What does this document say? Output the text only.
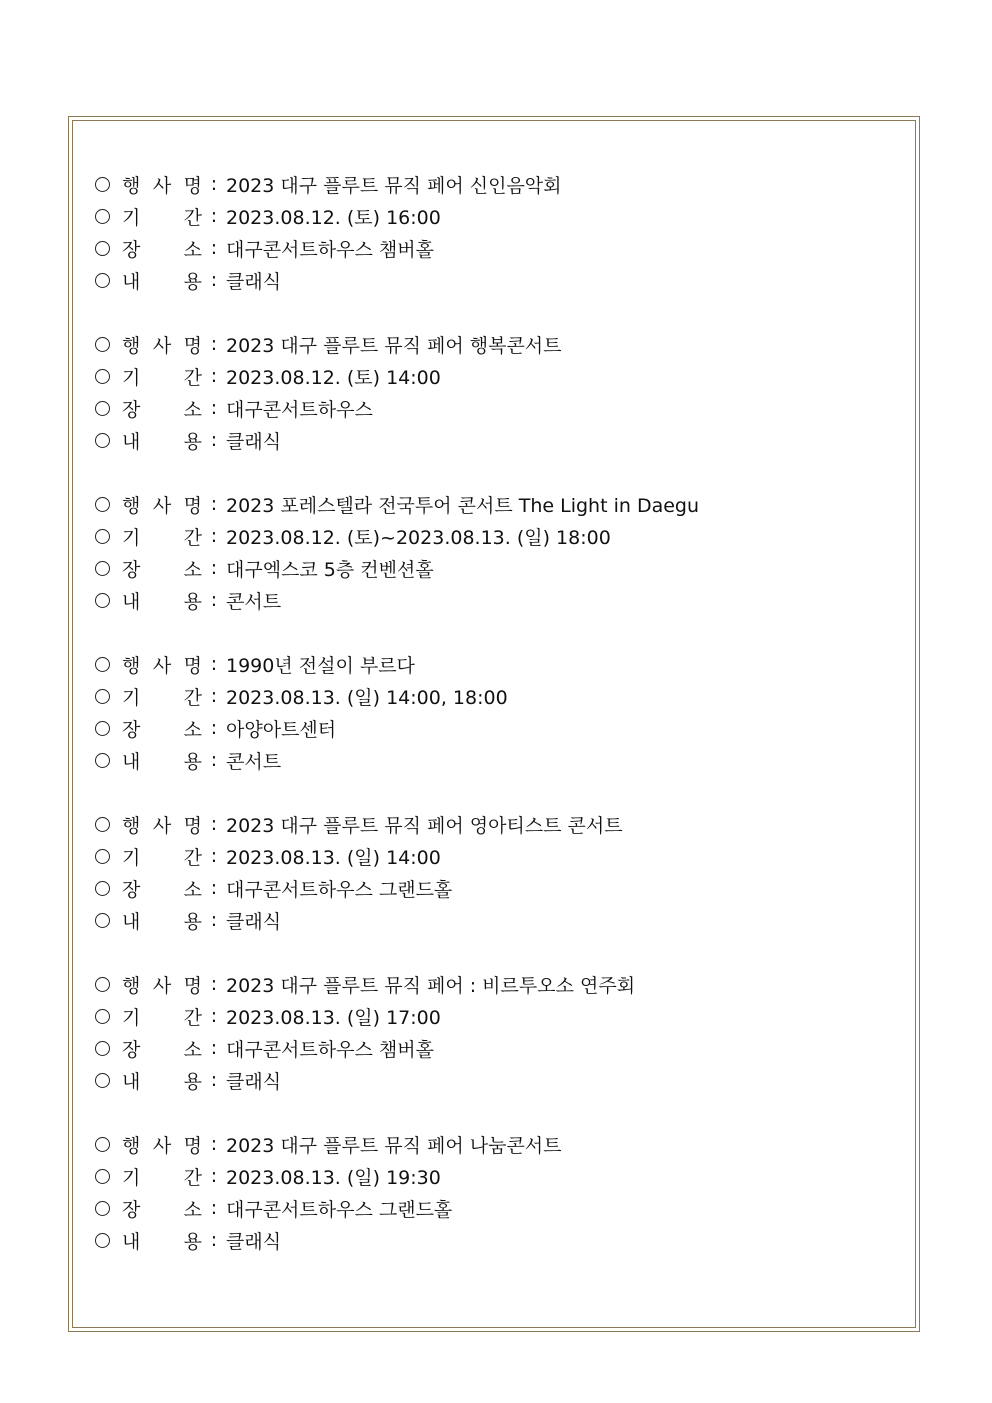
행 사 명 : 2023 대구 플루트 뮤직 페어 신인음악회
기 간 : 2023.08.12. (토) 16:00
장 소 : 대구콘서트하우스 챔버홀
내 용 : 클래식
행 사 명 : 2023 대구 플루트 뮤직 페어 행복콘서트
기 간 : 2023.08.12. (토) 14:00
장 소 : 대구콘서트하우스
내 용 : 클래식
행 사 명 : 2023 포레스텔라 전국투어 콘서트 The Light in Daegu
기 간 : 2023.08.12. (토)~2023.08.13. (일) 18:00
장 소 : 대구엑스코 5층 컨벤션홀
내 용 : 콘서트
행 사 명 : 1990년 전설이 부르다
기 간 : 2023.08.13. (일) 14:00, 18:00
장 소 : 아양아트센터
내 용 : 콘서트
행 사 명 : 2023 대구 플루트 뮤직 페어 영아티스트 콘서트
기 간 : 2023.08.13. (일) 14:00
장 소 : 대구콘서트하우스 그랜드홀
내 용 : 클래식
행 사 명 : 2023 대구 플루트 뮤직 페어 : 비르투오소 연주회
기 간 : 2023.08.13. (일) 17:00
장 소 : 대구콘서트하우스 챔버홀
내 용 : 클래식
행 사 명 : 2023 대구 플루트 뮤직 페어 나눔콘서트
기 간 : 2023.08.13. (일) 19:30
장 소 : 대구콘서트하우스 그랜드홀
내 용 : 클래식
